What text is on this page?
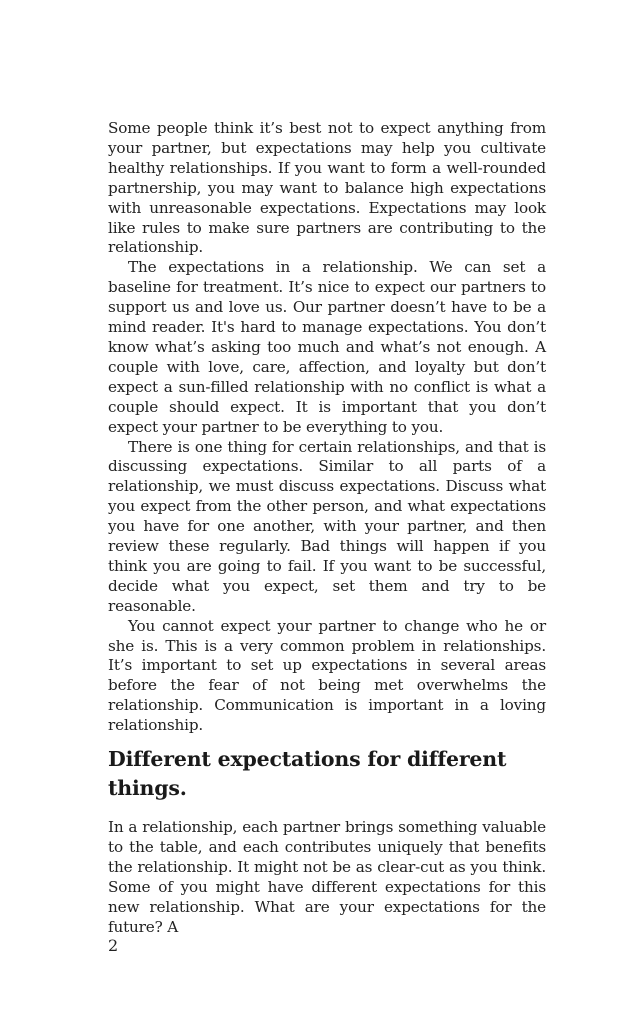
Some people think it’s best not to expect anything from your partner, but expectations may help you cultivate healthy relationships. If you want to form a well-rounded partnership, you may want to balance high expectations with unreasonable expectations. Expectations may look like rules to make sure partners are contributing to the relationship.

The expectations in a relationship. We can set a baseline for treatment. It’s nice to expect our partners to support us and love us. Our partner doesn’t have to be a mind reader. It's hard to manage expectations. You don’t know what’s asking too much and what’s not enough. A couple with love, care, affection, and loyalty but don’t expect a sun-filled relationship with no conflict is what a couple should expect. It is important that you don’t expect your partner to be everything to you.

There is one thing for certain relationships, and that is discussing expectations. Similar to all parts of a relationship, we must discuss expectations. Discuss what you expect from the other person, and what expectations you have for one another, with your partner, and then review these regularly. Bad things will happen if you think you are going to fail. If you want to be successful, decide what you expect, set them and try to be reasonable.

You cannot expect your partner to change who he or she is. This is a very common problem in relationships. It’s important to set up expectations in several areas before the fear of not being met overwhelms the relationship. Communication is important in a loving relationship.

Different expectations for different things.

In a relationship, each partner brings something valuable to the table, and each contributes uniquely that benefits the relationship. It might not be as clear-cut as you think. Some of you might have different expectations for this new relationship. What are your expectations for the future? A

2
